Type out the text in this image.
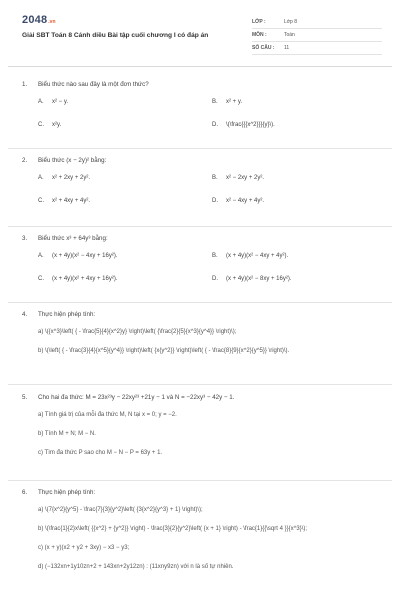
2048.vn
Giải SBT Toán 8 Cánh diều Bài tập cuối chương I có đáp án
LỚP :	Lớp 8
MÔN :	Toán
SỐ CÂU :	11
1.	Biểu thức nào sau đây là một đơn thức?
A.	x² − y.	B.	x² + y.
C.	x²y.	D.	\(\frac{{{x^2}}}{y}\).
2.	Biểu thức (x − 2y)² bằng:
A.	x² + 2xy + 2y².	B.	x² − 2xy + 2y².
C.	x² + 4xy + 4y².	D.	x² − 4xy + 4y².
3.	Biểu thức x³ + 64y³ bằng:
A.	(x + 4y)(x² − 4xy + 16y²).	B.	(x + 4y)(x² − 4xy + 4y²).
C.	(x + 4y)(x² + 4xy + 16y²).	D.	(x + 4y)(x² − 8xy + 16y²).
4.	Thực hiện phép tính:
a) \({x^3}\left( { - \frac{5}{4}{x^2}y} \right)\left( {\frac{2}{5}{x^3}{y^4}} \right)\);
b) \(\left( { - \frac{3}{4}{x^5}{y^4}} \right)\left( {x{y^2}} \right)\left( { - \frac{8}{9}{x^2}{y^5}} \right)\).
5.	Cho hai đa thức: M = 23x²³y − 22xy²³ +21y − 1 và N = −22xy³ − 42y − 1.
a) Tính giá trị của mỗi đa thức M, N tại x = 0; y = −2.
b) Tính M + N; M − N.
c) Tìm đa thức P sao cho M − N − P = 63y + 1.
6.	Thực hiện phép tính:
a) \(7{x^2}{y^5} - \frac{7}{3}{y^2}\left( {3{x^2}{y^3} + 1} \right)\);
b) \(\frac{1}{2}x\left( {{x^2} + {y^2}} \right) - \frac{3}{2}{y^2}\left( {x + 1} \right) - \frac{1}{{\sqrt 4 }}{x^3}\);
c) (x + y)(x2 + y2 + 3xy) − x3 − y3;
d) (−132xn+1y10zn+2 + 143xn+2y12zn) : (11xny9zn) với n là số tự nhiên.
